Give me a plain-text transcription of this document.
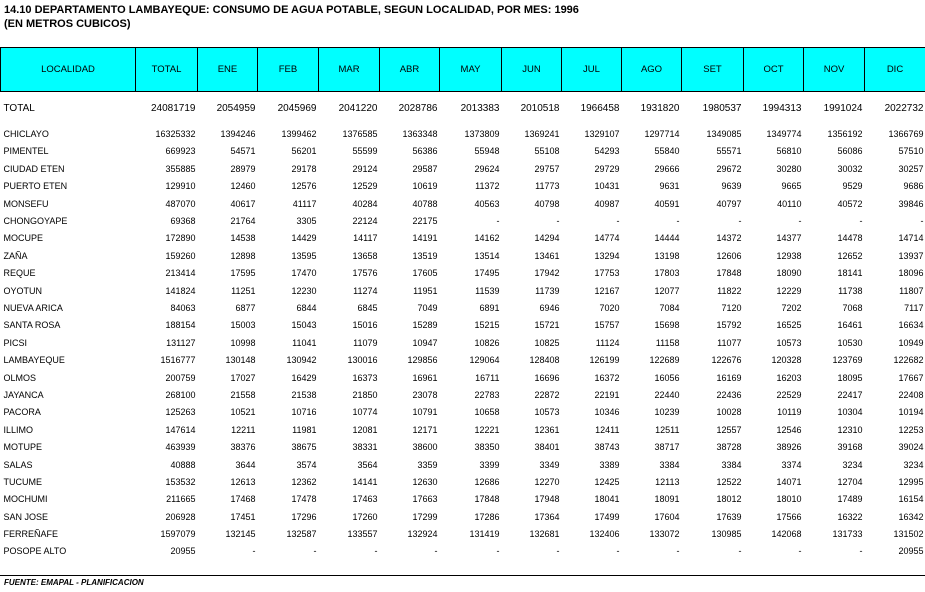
14.10 DEPARTAMENTO LAMBAYEQUE: CONSUMO DE AGUA POTABLE, SEGUN LOCALIDAD, POR MES: 1996
(EN METROS CUBICOS)
LOCALIDAD	TOTAL	ENE	FEB	MAR	ABR	MAY	JUN	JUL	AGO	SET	OCT	NOV	DIC

TOTAL	24081719	2054959	2045969	2041220	2028786	2013383	2010518	1966458	1931820	1980537	1994313	1991024	2022732

CHICLAYO	16325332	1394246	1399462	1376585	1363348	1373809	1369241	1329107	1297714	1349085	1349774	1356192	1366769
PIMENTEL	669923	54571	56201	55599	56386	55948	55108	54293	55840	55571	56810	56086	57510
CIUDAD ETEN	355885	28979	29178	29124	29587	29624	29757	29729	29666	29672	30280	30032	30257
PUERTO ETEN	129910	12460	12576	12529	10619	11372	11773	10431	9631	9639	9665	9529	9686
MONSEFU	487070	40617	41117	40284	40788	40563	40798	40987	40591	40797	40110	40572	39846
CHONGOYAPE	69368	21764	3305	22124	22175	-	-	-	-	-	-	-	-
MOCUPE	172890	14538	14429	14117	14191	14162	14294	14774	14444	14372	14377	14478	14714
ZAÑA	159260	12898	13595	13658	13519	13514	13461	13294	13198	12606	12938	12652	13937
REQUE	213414	17595	17470	17576	17605	17495	17942	17753	17803	17848	18090	18141	18096
OYOTUN	141824	11251	12230	11274	11951	11539	11739	12167	12077	11822	12229	11738	11807
NUEVA ARICA	84063	6877	6844	6845	7049	6891	6946	7020	7084	7120	7202	7068	7117
SANTA ROSA	188154	15003	15043	15016	15289	15215	15721	15757	15698	15792	16525	16461	16634
PICSI	131127	10998	11041	11079	10947	10826	10825	11124	11158	11077	10573	10530	10949
LAMBAYEQUE	1516777	130148	130942	130016	129856	129064	128408	126199	122689	122676	120328	123769	122682
OLMOS	200759	17027	16429	16373	16961	16711	16696	16372	16056	16169	16203	18095	17667
JAYANCA	268100	21558	21538	21850	23078	22783	22872	22191	22440	22436	22529	22417	22408
PACORA	125263	10521	10716	10774	10791	10658	10573	10346	10239	10028	10119	10304	10194
ILLIMO	147614	12211	11981	12081	12171	12221	12361	12411	12511	12557	12546	12310	12253
MOTUPE	463939	38376	38675	38331	38600	38350	38401	38743	38717	38728	38926	39168	39024
SALAS	40888	3644	3574	3564	3359	3399	3349	3389	3384	3384	3374	3234	3234
TUCUME	153532	12613	12362	14141	12630	12686	12270	12425	12113	12522	14071	12704	12995
MOCHUMI	211665	17468	17478	17463	17663	17848	17948	18041	18091	18012	18010	17489	16154
SAN JOSE	206928	17451	17296	17260	17299	17286	17364	17499	17604	17639	17566	16322	16342
FERREÑAFE	1597079	132145	132587	133557	132924	131419	132681	132406	133072	130985	142068	131733	131502
POSOPE ALTO	20955	-	-	-	-	-	-	-	-	-	-	-	20955
FUENTE: EMAPAL - PLANIFICACION
